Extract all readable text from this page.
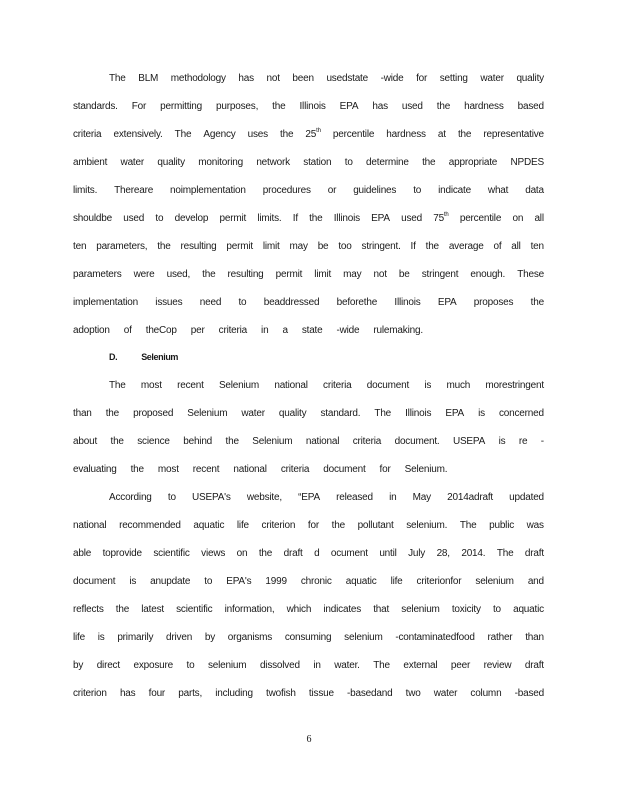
The BLM methodology has not been usedstate -wide for setting water quality
standards. For permitting purposes, the Illinois EPA has used the hardness based
criteria extensively. The Agency uses the 25th percentile hardness at the representative
ambient water quality monitoring network station to determine the appropriate NPDES
limits. Thereare noimplementation procedures or guidelines to indicate what data
shouldbe used to develop permit limits. If the Illinois EPA used 75th percentile on all
ten parameters, the resulting permit limit may be too stringent. If the average of all ten
parameters were used, the resulting permit limit may not be stringent enough. These
implementation issues need to beaddressed beforethe Illinois EPA proposes the
adoption of theCop per criteria in a state -wide rulemaking.
The most recent Selenium national criteria document is much morestringent
than the proposed Selenium water quality standard. The Illinois EPA is concerned
about the science behind the Selenium national criteria document. USEPA is re -
evaluating the most recent national criteria document for Selenium.
According to USEPA's website, “EPA released in May 2014adraft updated
national recommended aquatic life criterion for the pollutant selenium. The public was
able toprovide scientific views on the draft d ocument until July 28, 2014. The draft
document is anupdate to EPA's 1999 chronic aquatic life criterionfor selenium and
reflects the latest scientific information, which indicates that selenium toxicity to aquatic
life is primarily driven by organisms consuming selenium -contaminatedfood rather than
by direct exposure to selenium dissolved in water. The external peer review draft
criterion has four parts, including twofish tissue -basedand two water column -based
D.	Selenium
6
